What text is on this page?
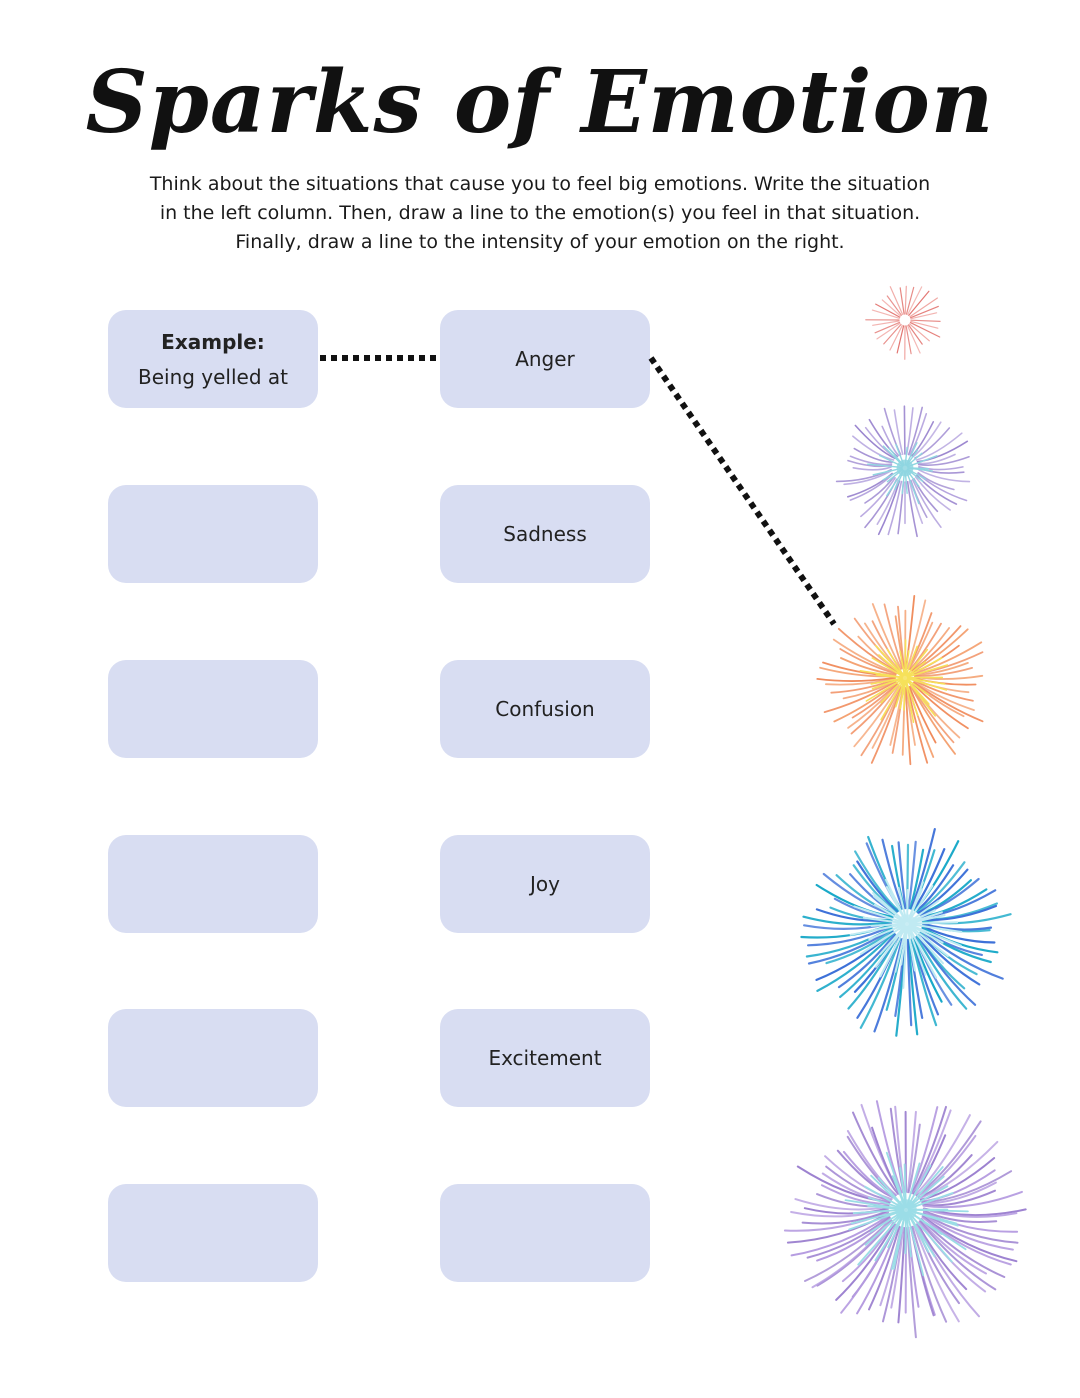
Sparks of Emotion

Think about the situations that cause you to feel big emotions. Write the situation in the left column. Then, draw a line to the emotion(s) you feel in that situation. Finally, draw a line to the intensity of your emotion on the right.

Example:
Being yelled at
Anger
Sadness
Confusion
Joy
Excitement
